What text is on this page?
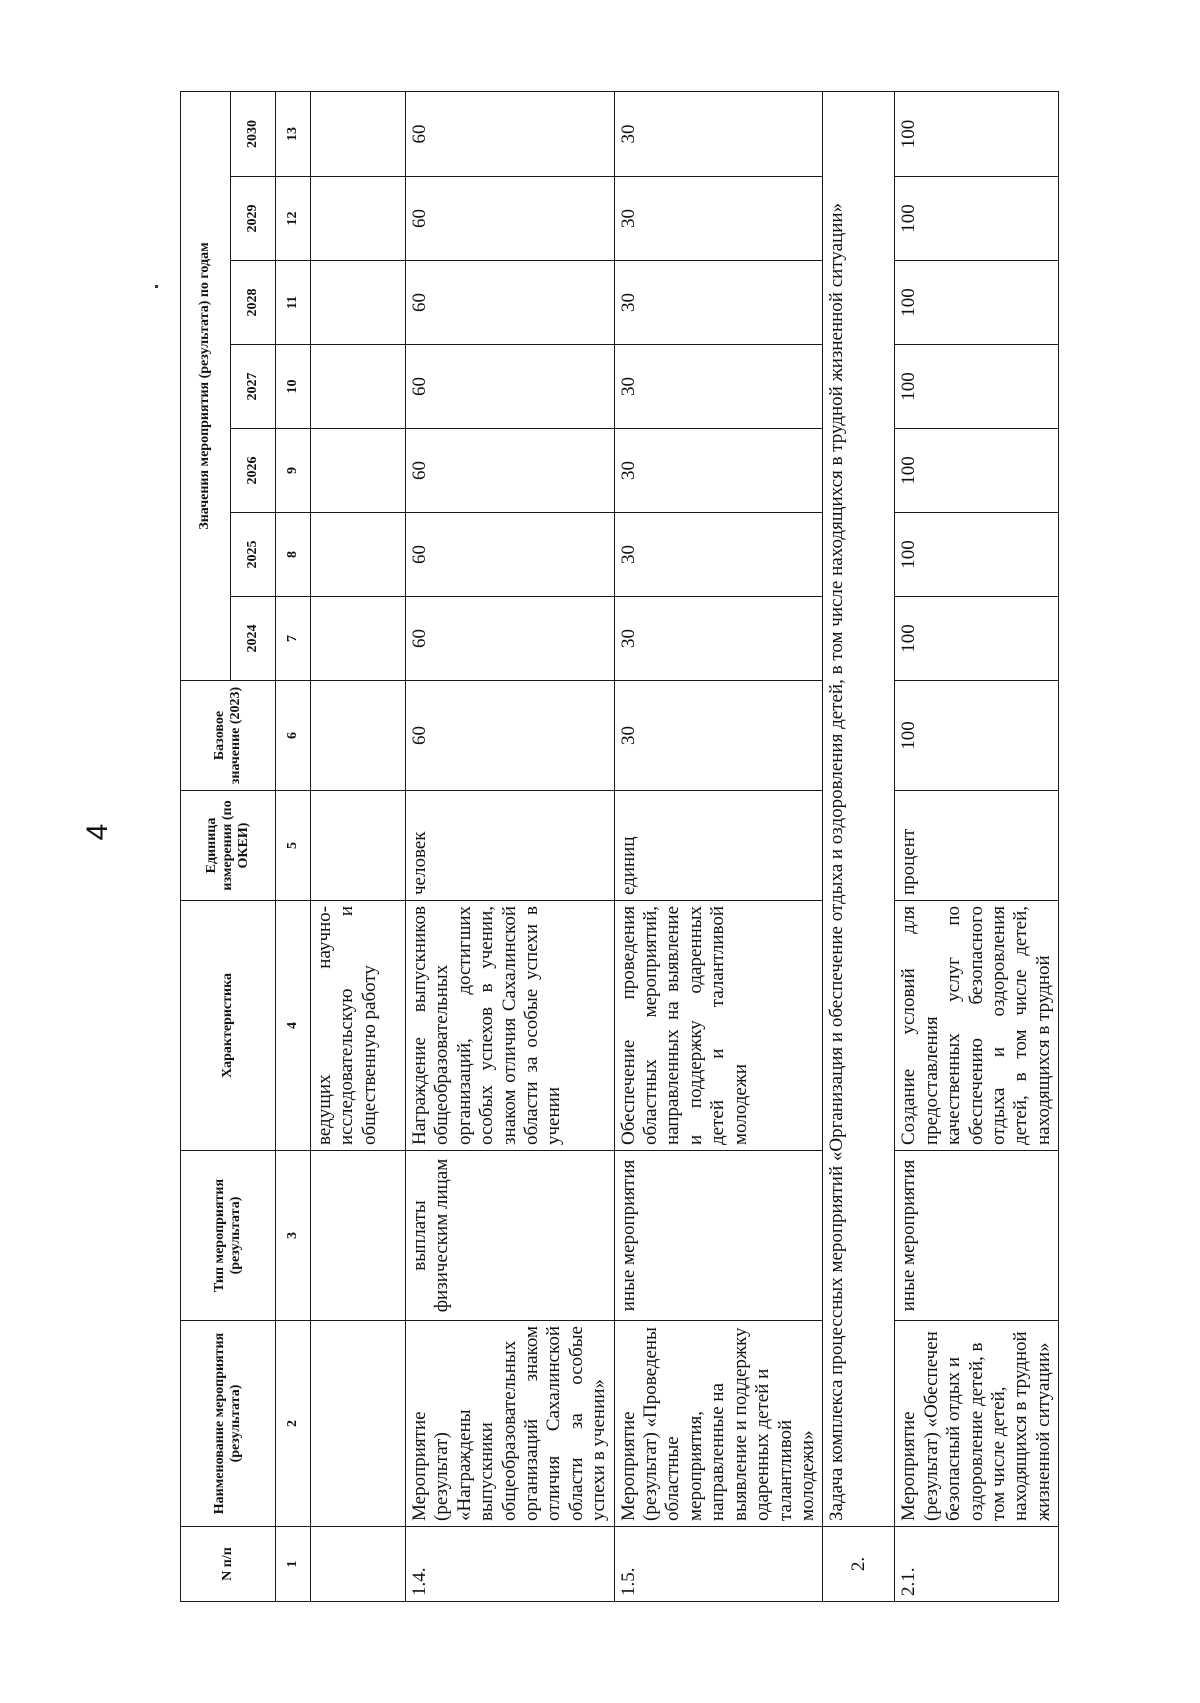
4
N п/п	Наименование мероприятия (результата)	Тип мероприятия (результата)	Характеристика	Единица измерения (по ОКЕИ)	Базовое значение (2023)	Значения мероприятия (результата) по годам						
						2024	2025	2026	2027	2028	2029	2030
1	2	3	4	5	6	7	8	9	10	11	12	13
			ведущих научно-исследовательскую и общественную работу									
1.4.	Мероприятие (результат) «Награждены выпускники общеобразовательных организаций знаком отличия Сахалинской области за особые успехи в учении»	выплаты физическим лицам	Награждение выпускников общеобразовательных организаций, достигших особых успехов в учении, знаком отличия Сахалинской области за особые успехи в учении	человек	60	60	60	60	60	60	60	60
1.5.	Мероприятие (результат) «Проведены областные мероприятия, направленные на выявление и поддержку одаренных детей и талантливой молодежи»	иные мероприятия	Обеспечение проведения областных мероприятий, направленных на выявление и поддержку одаренных детей и талантливой молодежи	единиц	30	30	30	30	30	30	30	30
2.	Задача комплекса процессных мероприятий «Организация и обеспечение отдыха и оздоровления детей, в том числе находящихся в трудной жизненной ситуации»											
2.1.	Мероприятие (результат) «Обеспечен безопасный отдых и оздоровление детей, в том числе детей, находящихся в трудной жизненной ситуации»	иные мероприятия	Создание условий для предоставления качественных услуг по обеспечению безопасного отдыха и оздоровления детей, в том числе детей, находящихся в трудной	процент	100	100	100	100	100	100	100	100
